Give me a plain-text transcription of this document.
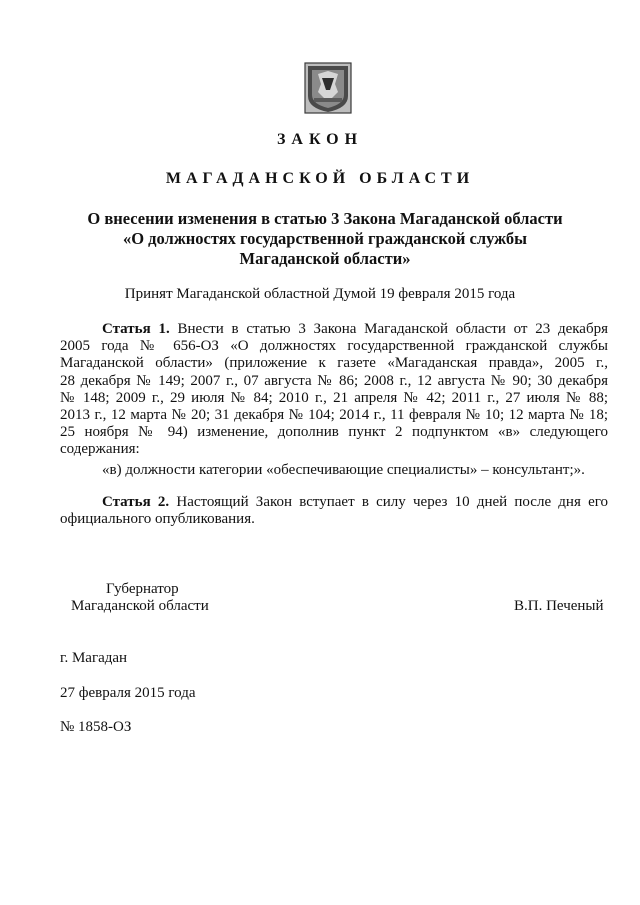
ЗАКОН
МАГАДАНСКОЙ ОБЛАСТИ
О внесении изменения в статью 3 Закона Магаданской области
«О должностях государственной гражданской службы
Магаданской области»
Принят Магаданской областной Думой 19 февраля 2015 года
Статья 1. Внести в статью 3 Закона Магаданской области от 23 декабря
2005 года № 656-ОЗ «О должностях государственной гражданской службы
Магаданской области» (приложение к газете «Магаданская правда», 2005 г.,
28 декабря № 149; 2007 г., 07 августа № 86; 2008 г., 12 августа № 90; 30 декабря
№ 148; 2009 г., 29 июля № 84; 2010 г., 21 апреля № 42; 2011 г., 27 июля № 88;
2013 г., 12 марта № 20; 31 декабря № 104; 2014 г., 11 февраля № 10; 12 марта № 18;
25 ноября № 94) изменение, дополнив пункт 2 подпунктом «в» следующего
содержания:
«в) должности категории «обеспечивающие специалисты» – консультант;».
Статья 2. Настоящий Закон вступает в силу через 10 дней после дня его
официального опубликования.
Губернатор
Магаданской области	В.П. Печеный
г. Магадан
27 февраля 2015 года
№ 1858-ОЗ
